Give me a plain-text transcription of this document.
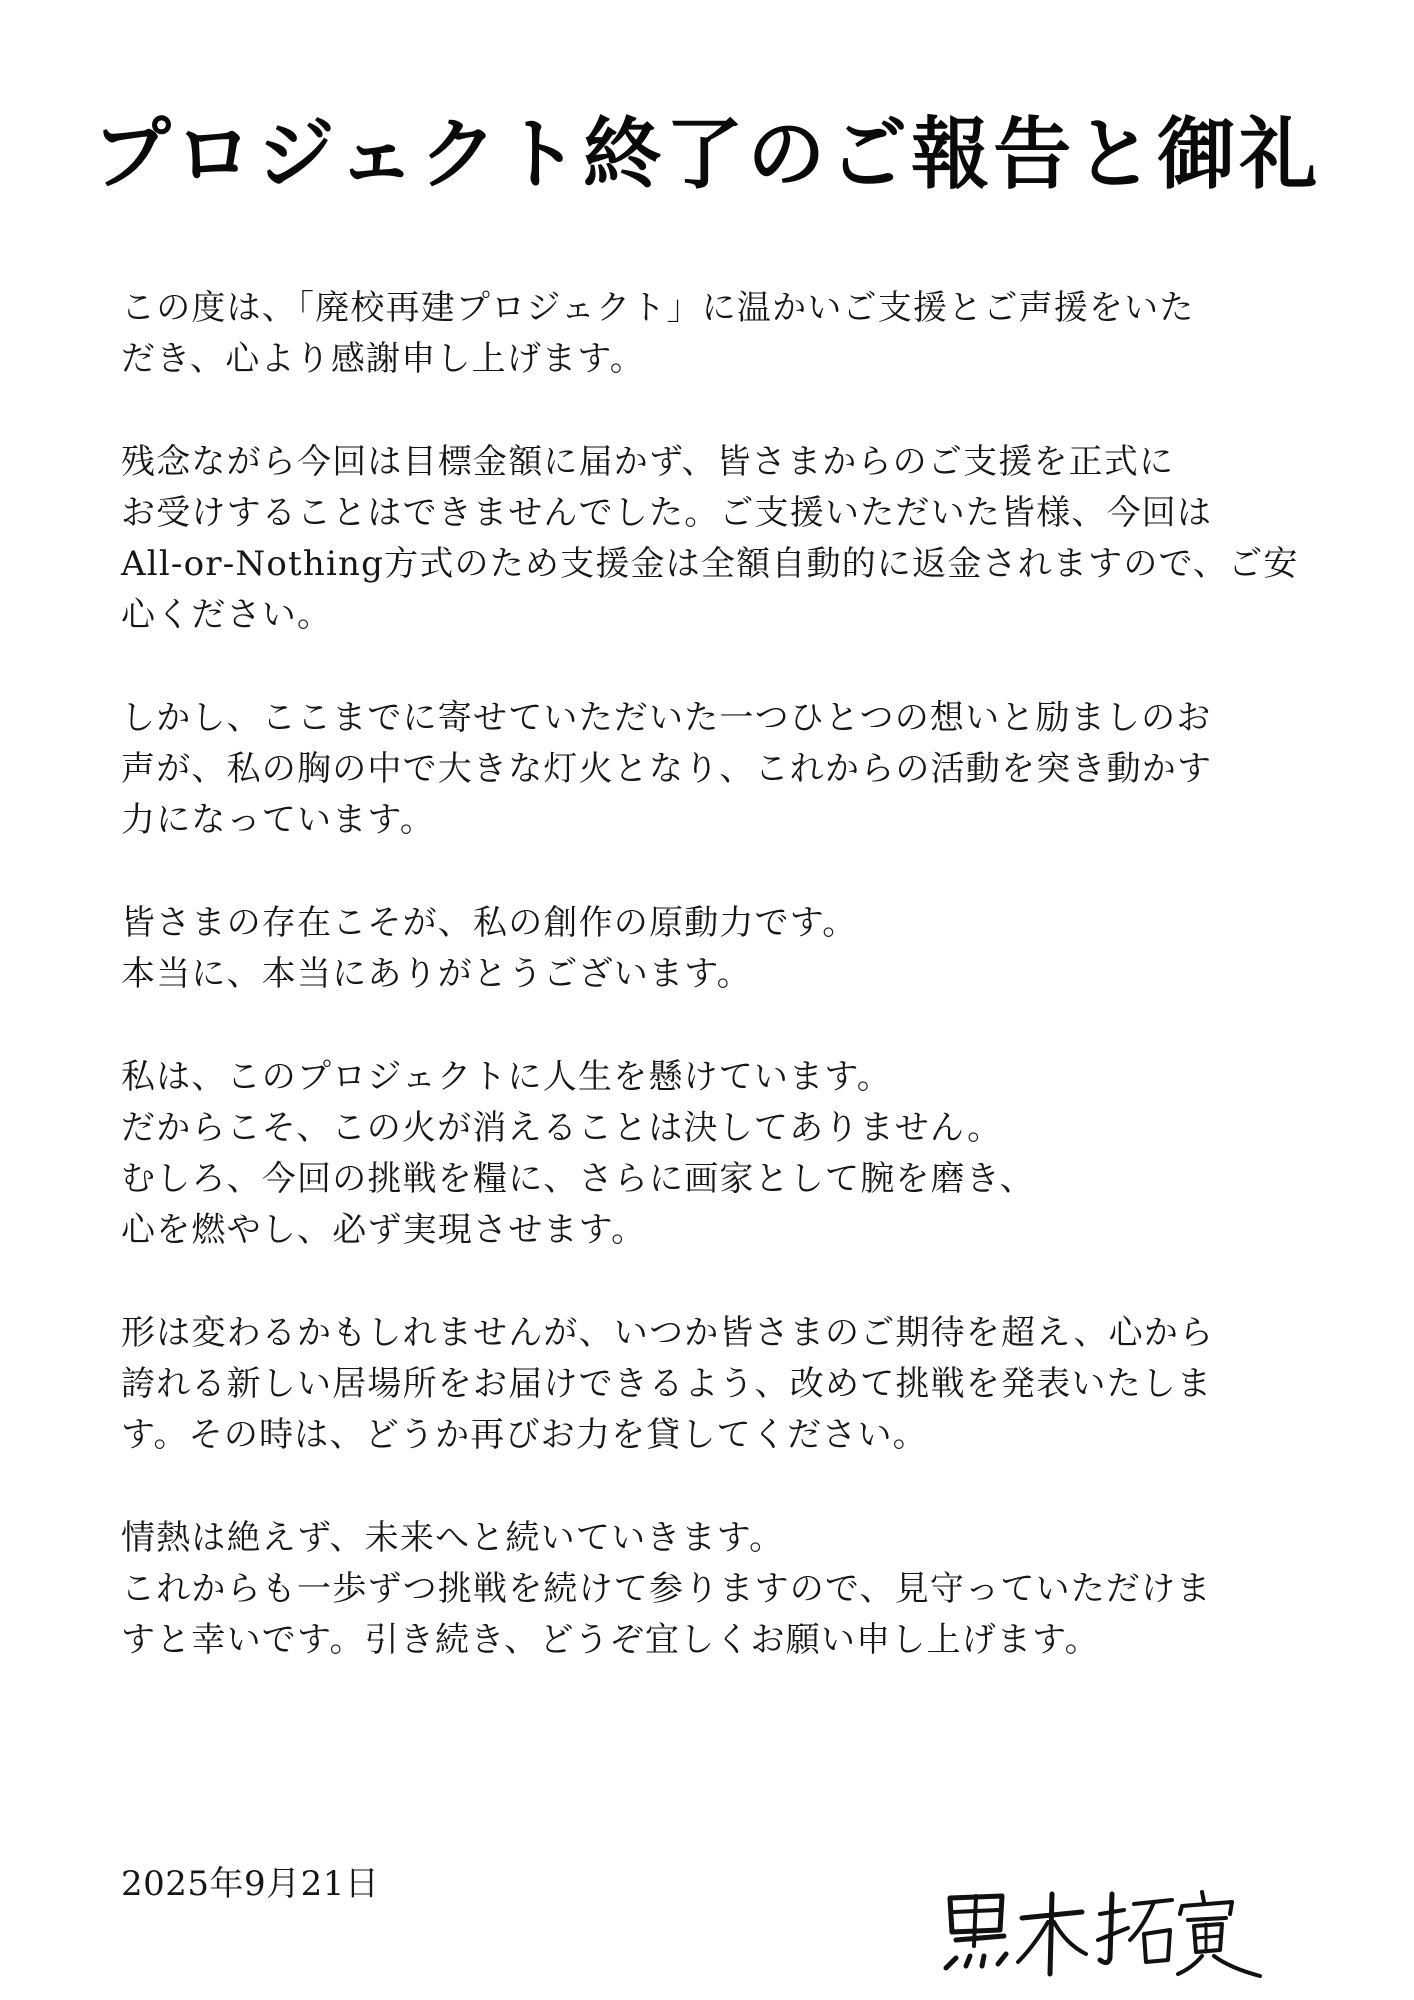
プロジェクト終了のご報告と御礼
この度は、「廃校再建プロジェクト」に温かいご支援とご声援をいた
だき、心より感謝申し上げます。
残念ながら今回は目標金額に届かず、皆さまからのご支援を正式に
お受けすることはできませんでした。ご支援いただいた皆様、今回は
All-or-Nothing方式のため支援金は全額自動的に返金されますので、ご安
心ください。
しかし、ここまでに寄せていただいた一つひとつの想いと励ましのお
声が、私の胸の中で大きな灯火となり、これからの活動を突き動かす
力になっています。
皆さまの存在こそが、私の創作の原動力です。
本当に、本当にありがとうございます。
私は、このプロジェクトに人生を懸けています。
だからこそ、この火が消えることは決してありません。
むしろ、今回の挑戦を糧に、さらに画家として腕を磨き、
心を燃やし、必ず実現させます。
形は変わるかもしれませんが、いつか皆さまのご期待を超え、心から
誇れる新しい居場所をお届けできるよう、改めて挑戦を発表いたしま
す。その時は、どうか再びお力を貸してください。
情熱は絶えず、未来へと続いていきます。
これからも一歩ずつ挑戦を続けて参りますので、見守っていただけま
すと幸いです。引き続き、どうぞ宜しくお願い申し上げます。
2025年9月21日
